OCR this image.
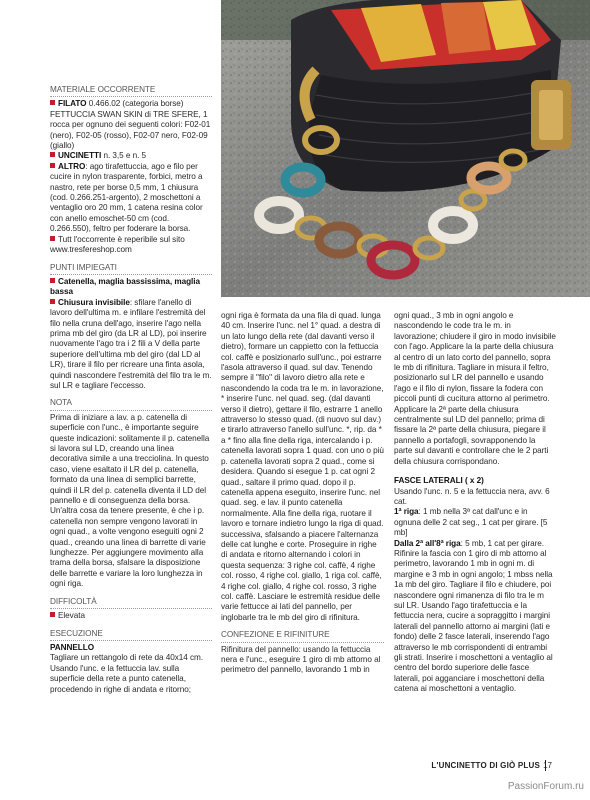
MATERIALE OCCORRENTE

FILATO 0.466.02 (categoria borse) FETTUCCIA SWAN SKIN di TRE SFERE, 1 rocca per ognuno dei seguenti colori: F02-01 (nero), F02-05 (rosso), F02-07 nero, F02-09 (giallo)

UNCINETTI n. 3,5 e n. 5

ALTRO: ago tirafettuccia, ago e filo per cucire in nylon trasparente, forbici, metro a nastro, rete per borse 0,5 mm, 1 chiusura (cod. 0.266.251-argento), 2 moschettoni a ventaglio oro 20 mm, 1 catena resina color con anello emoschet-50 cm (cod. 0.266.550), feltro per foderare la borsa.

Tutt l'occorrente è reperibile sul sito www.tresfereshop.com

PUNTI IMPIEGATI

Catenella, maglia bassissima, maglia bassa

Chiusura invisibile: sfilare l'anello di lavoro dell'ultima m. e infilare l'estremità del filo nella cruna dell'ago, inserire l'ago nella prima mb del giro (da LR al LD), poi inserire nuovamente l'ago tra i 2 fili a V della parte superiore dell'ultima mb del giro (dal LD al LR), tirare il filo per ricreare una finta asola, quindi nascondere l'estremità del filo tra le m. sul LR e tagliare l'eccesso.

NOTA

Prima di iniziare a lav. a p. catenella di superficie con l'unc., è importante seguire queste indicazioni: solitamente il p. catenella si lavora sul LD, creando una linea decorativa simile a una trecciolina. In questo caso, viene esaltato il LR del p. catenella, formato da una linea di semplici barrette, quindi il LR del p. catenella diventa il LD del pannello e di conseguenza della borsa. Un'altra cosa da tenere presente, è che i p. catenella non sempre vengono lavorati in ogni quad., a volte vengono eseguiti ogni 2 quad., creando una linea di barrette di varie lunghezze. Per aggiungere movimento alla trama della borsa, sfalsare la disposizione delle barrette e variare la loro lunghezza in ogni riga.

DIFFICOLTÀ

Elevata

ESECUZIONE

PANNELLO

Tagliare un rettangolo di rete da 40x14 cm. Usando l'unc. e la fettuccia lav. sulla superficie della rete a punto catenella, procedendo in righe di andata e ritorno;

ogni riga è formata da una fila di quad. lunga 40 cm. Inserire l'unc. nel 1° quad. a destra di un lato lungo della rete (dal davanti verso il dietro), formare un cappietto con la fettuccia col. caffè e posizionarlo sull'unc., poi estrarre l'asola attraverso il quad. sul dav. Tenendo sempre il "filo" di lavoro dietro alla rete e nascondendo la coda tra le m. in lavorazione, * inserire l'unc. nel quad. seg. (dal davanti verso il dietro), gettare il filo, estrarre 1 anello attraverso lo stesso quad. (di nuovo sul dav.) e tirarlo attraverso l'anello sull'unc. *, rip. da * a * fino alla fine della riga, intercalando i p. catenella lavorati sopra 1 quad. con uno o più p. catenella lavorati sopra 2 quad., come si desidera. Quando si esegue 1 p. cat ogni 2 quad., saltare il primo quad. dopo il p. catenella appena eseguito, inserire l'unc. nel quad. seg. e lav. il punto catenella normalmente. Alla fine della riga, ruotare il lavoro e tornare indietro lungo la riga di quad. successiva, sfalsando a piacere l'alternanza delle cat lunghe e corte. Proseguire in righe di andata e ritorno alternando i colori in questa sequenza: 3 righe col. caffè, 4 righe col. rosso, 4 righe col. giallo, 1 riga col. caffè, 4 righe col. giallo, 4 righe col. rosso, 3 righe col. caffè. Lasciare le estremità residue delle varie fettucce ai lati del pannello, per inglobarle tra le mb del giro di rifinitura.

CONFEZIONE E RIFINITURE

Rifinitura del pannello: usando la fettuccia nera e l'unc., eseguire 1 giro di mb attorno al perimetro del pannello, lavorando 1 mb in

ogni quad., 3 mb in ogni angolo e nascondendo le code tra le m. in lavorazione; chiudere il giro in modo invisibile con l'ago. Applicare la la parte della chiusura al centro di un lato corto del pannello, sopra le mb di rifinitura. Tagliare in misura il feltro, posizionarlo sul LR del pannello e usando l'ago e il filo di nylon, fissare la fodera con piccoli punti di cucitura attorno al perimetro. Applicare la 2ª parte della chiusura centralmente sul LD del pannello; prima di fissare la 2ª parte della chiusura, piegare il pannello a portafogli, sovrapponendo la parte sul davanti e controllare che le 2 parti della chiusura corrispondano.

FASCE LATERALI ( x 2)

Usando l'unc. n. 5 e la fettuccia nera, avv. 6 cat.

1ª riga: 1 mb nella 3ª cat dall'unc e in ognuna delle 2 cat seg., 1 cat per girare. [5 mb]

Dalla 2ª all'8ª riga: 5 mb, 1 cat per girare. Rifinire la fascia con 1 giro di mb attorno al perimetro, lavorando 1 mb in ogni m. di margine e 3 mb in ogni angolo; 1 mbss nella 1a mb del giro. Tagliare il filo e chiudere, poi nascondere ogni rimanenza di filo tra le m sul LR. Usando l'ago tirafettuccia e la fettuccia nera, cucire a sopraggitto i margini laterali del pannello attorno ai margini (lati e fondo) delle 2 fasce laterali, inserendo l'ago attraverso le mb corrispondenti di entrambi gli strati. Inserire i moschettoni a ventaglio al centro del bordo superiore delle fasce laterali, poi agganciare i moschettoni della catena ai moschettoni a ventaglio.

L'UNCINETTO DI GIÒ PLUS 17
PassionForum.ru
